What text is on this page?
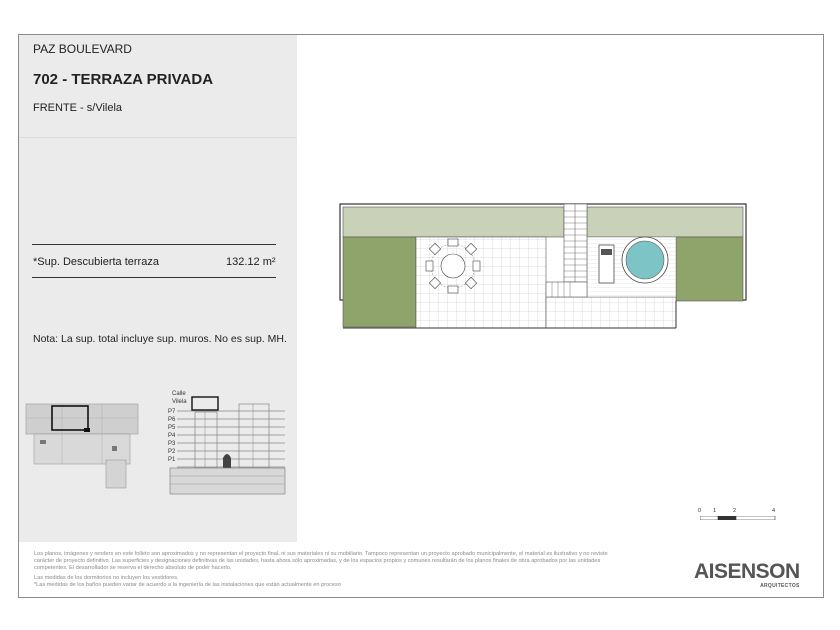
PAZ BOULEVARD
702 - TERRAZA PRIVADA
FRENTE - s/Vilela
*Sup. Descubierta terraza	132.12 m²
Nota: La sup. total incluye sup. muros. No es sup. MH.
Calle
Vilela
P7
P6
P5
P4
P3
P2
P1
0 1	2	4
Los planos, imágenes y renders en este folleto son aproximados y no representan el proyecto final, ni sus materiales ni su mobiliario. Tampoco representan un proyecto aprobado municipalmente, el material es ilustrativo y no reviste
carácter de proyecto definitivo. Las superficies y designaciones definitivas de las unidades, hasta ahora sólo aproximadas, y de los espacios propios y comunes resultarán de los planos finales de obra aprobados por las unidades
competentes. El desarrollador se reserva el derecho absoluto de poder hacerlo.
Las medidas de los dormitorios no incluyen los vestidores.
*Las medidas de los baños pueden variar de acuerdo a la ingeniería de las instalaciones que están actualmente en proceso
AISENSON
ARQUITECTOS
